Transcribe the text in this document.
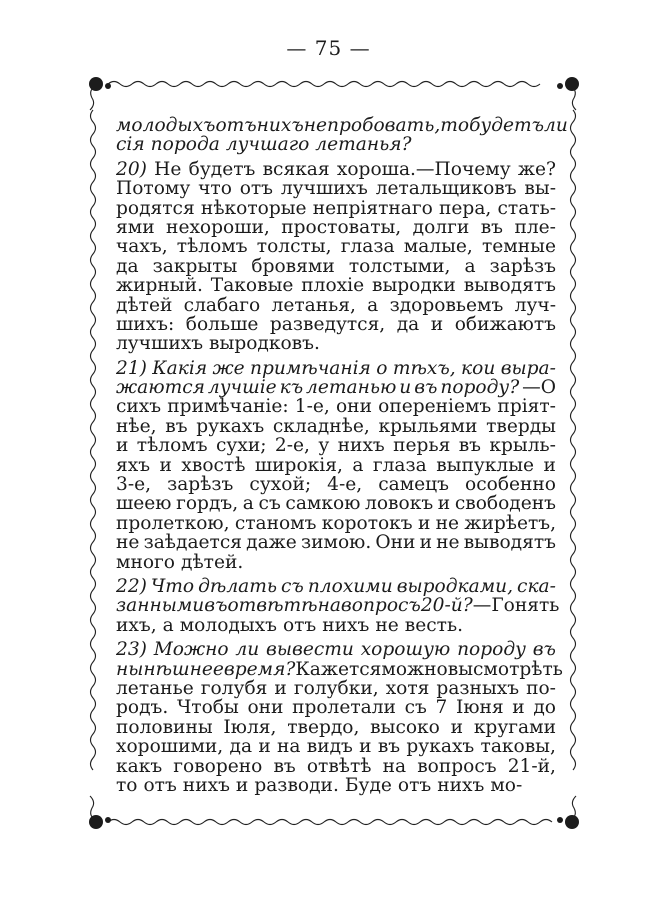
— 75 —
молодыхъ отъ нихъ не пробовать, то будетъ ли
сія порода лучшаго летанья?
20) Не будетъ всякая хороша.—Почему же?
Потому что отъ лучшихъ летальщиковъ вы-
родятся нѣкоторые непріятнаго пера, стать-
ями нехороши, простоваты, долги въ пле-
чахъ, тѣломъ толсты, глаза малые, темные
да закрыты бровями толстыми, а зарѣзъ
жирный. Таковые плохіе выродки выводятъ
дѣтей слабаго летанья, а здоровьемъ луч-
шихъ: больше разведутся, да и обижаютъ
лучшихъ выродковъ.
21) Какія же примѣчанія о тѣхъ, кои выра-
жаются лучшіе къ летанью и въ породу? —О
сихъ примѣчаніе: 1-е, они опереніемъ пріят-
нѣе, въ рукахъ складнѣе, крыльями тверды
и тѣломъ сухи; 2-е, у нихъ перья въ крыль-
яхъ и хвостѣ широкія, а глаза выпуклые и
3-е, зарѣзъ сухой; 4-е, самецъ особенно
шеею гордъ, а съ самкою ловокъ и свободенъ
пролеткою, станомъ коротокъ и не жирѣетъ,
не заѣдается даже зимою. Они и не выводятъ
много дѣтей.
22) Что дѣлать съ плохими выродками, ска-
занными въ отвѣтѣ на вопросъ 20-й? —Гонять
ихъ, а молодыхъ отъ нихъ не весть.
23) Можно ли вывести хорошую породу въ
нынѣшнее время? Кажется можно высмотрѣть
летанье голубя и голубки, хотя разныхъ по-
родъ. Чтобы они пролетали съ 7 Іюня и до
половины Іюля, твердо, высоко и кругами
хорошими, да и на видъ и въ рукахъ таковы,
какъ говорено въ отвѣтѣ на вопросъ 21-й,
то отъ нихъ и разводи. Буде отъ нихъ мо-
